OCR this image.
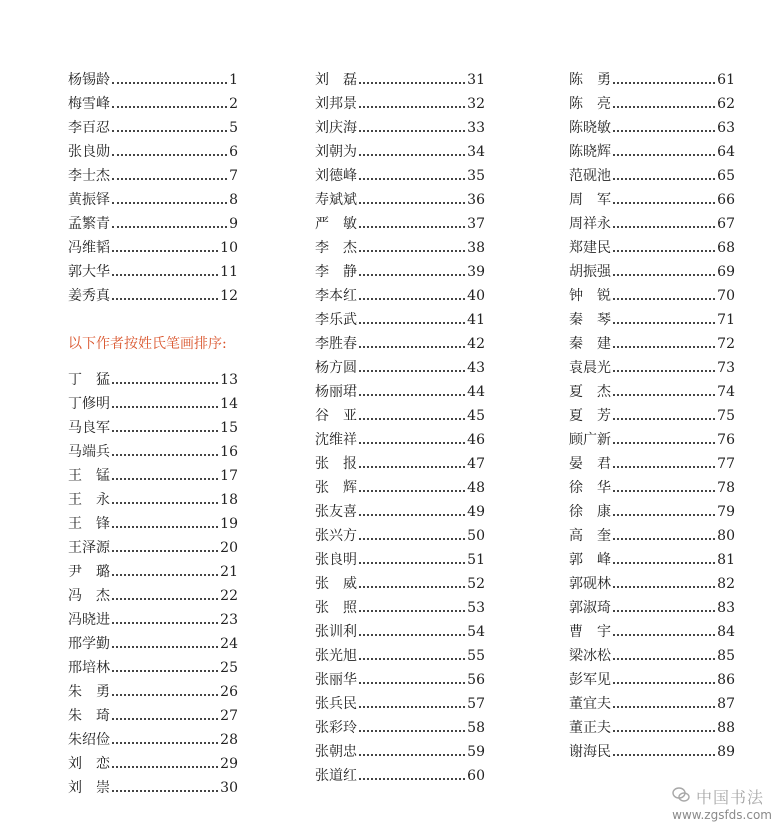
杨锡龄	1
梅雪峰	2
李百忍	5
张良勋	6
李士杰	7
黄振铎	8
孟繁青	9
冯维韬	10
郭大华	11
姜秀真	12
以下作者按姓氏笔画排序:
丁　猛	13
丁修明	14
马良军	15
马端兵	16
王　锰	17
王　永	18
王　锋	19
王泽源	20
尹　璐	21
冯　杰	22
冯晓进	23
邢学勤	24
邢培林	25
朱　勇	26
朱　琦	27
朱绍俭	28
刘　恋	29
刘　崇	30
刘　磊	31
刘邦景	32
刘庆海	33
刘朝为	34
刘德峰	35
寿斌斌	36
严　敏	37
李　杰	38
李　静	39
李本红	40
李乐武	41
李胜春	42
杨方圆	43
杨丽珺	44
谷　亚	45
沈维祥	46
张　报	47
张　辉	48
张友喜	49
张兴方	50
张良明	51
张　威	52
张　照	53
张训利	54
张光旭	55
张丽华	56
张兵民	57
张彩玲	58
张朝忠	59
张道红	60
陈　勇	61
陈　亮	62
陈晓敏	63
陈晓辉	64
范砚池	65
周　军	66
周祥永	67
郑建民	68
胡振强	69
钟　锐	70
秦　琴	71
秦　建	72
袁晨光	73
夏　杰	74
夏　芳	75
顾广新	76
晏　君	77
徐　华	78
徐　康	79
高　奎	80
郭　峰	81
郭砚林	82
郭淑琦	83
曹　宇	84
梁冰松	85
彭军见	86
董宜夫	87
董正夫	88
谢海民	89
中国书法
www.zgsfds.com
